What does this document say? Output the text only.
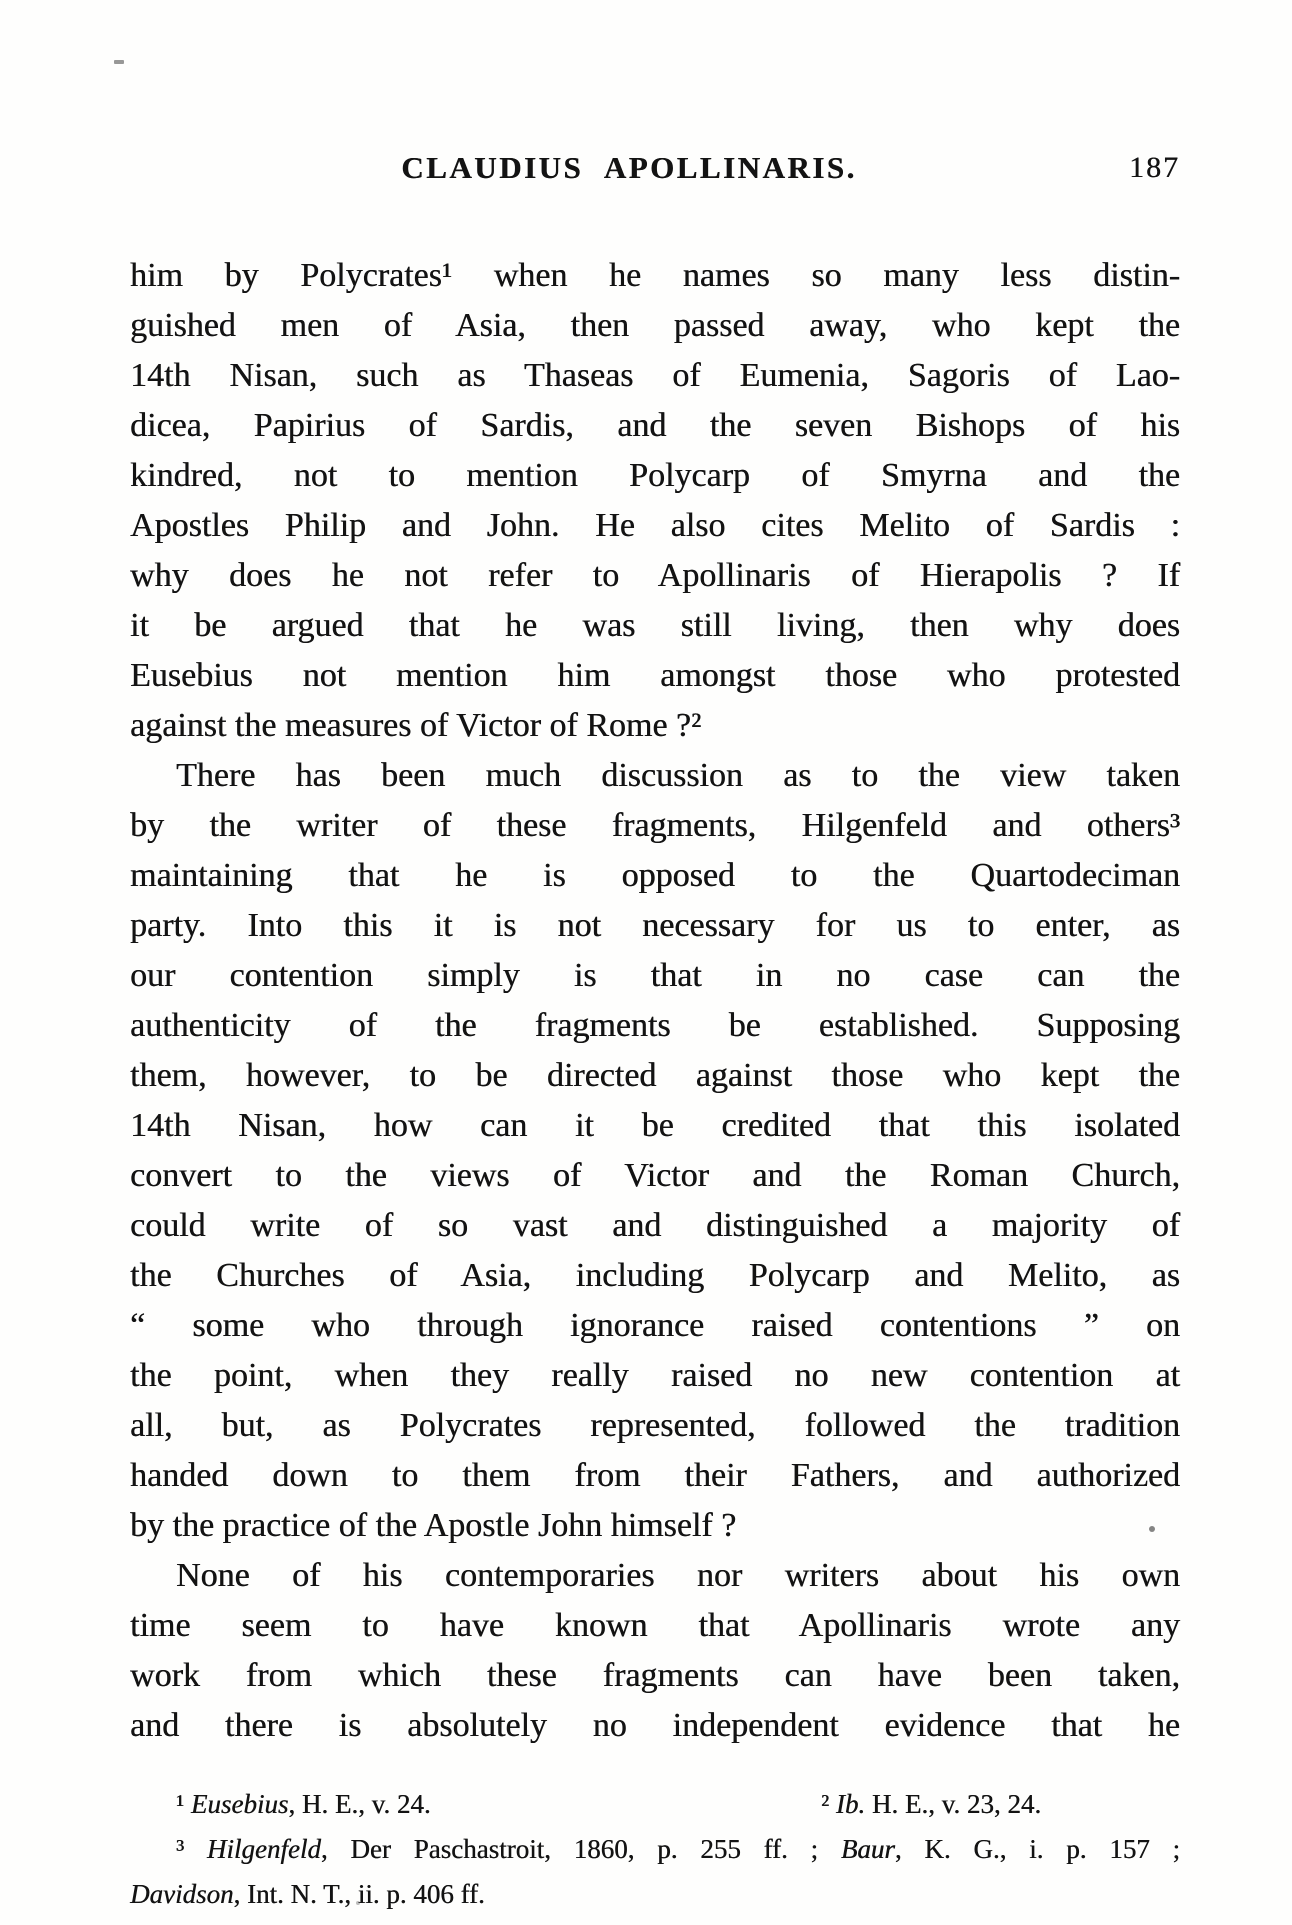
CLAUDIUS APOLLINARIS.	187
him by Polycrates¹ when he names so many less distin-
guished men of Asia, then passed away, who kept the
14th Nisan, such as Thaseas of Eumenia, Sagoris of Lao-
dicea, Papirius of Sardis, and the seven Bishops of his
kindred, not to mention Polycarp of Smyrna and the
Apostles Philip and John. He also cites Melito of Sardis :
why does he not refer to Apollinaris of Hierapolis ? If
it be argued that he was still living, then why does
Eusebius not mention him amongst those who protested
against the measures of Victor of Rome ?²
There has been much discussion as to the view taken
by the writer of these fragments, Hilgenfeld and others³
maintaining that he is opposed to the Quartodeciman
party. Into this it is not necessary for us to enter, as
our contention simply is that in no case can the
authenticity of the fragments be established. Supposing
them, however, to be directed against those who kept the
14th Nisan, how can it be credited that this isolated
convert to the views of Victor and the Roman Church,
could write of so vast and distinguished a majority of
the Churches of Asia, including Polycarp and Melito, as
“ some who through ignorance raised contentions ” on
the point, when they really raised no new contention at
all, but, as Polycrates represented, followed the tradition
handed down to them from their Fathers, and authorized
by the practice of the Apostle John himself ?
None of his contemporaries nor writers about his own
time seem to have known that Apollinaris wrote any
work from which these fragments can have been taken,
and there is absolutely no independent evidence that he
¹ Eusebius, H. E., v. 24.	² Ib. H. E., v. 23, 24.
³ Hilgenfeld, Der Paschastroit, 1860, p. 255 ff. ; Baur, K. G., i. p. 157 ;
Davidson, Int. N. T., ii. p. 406 ff.
